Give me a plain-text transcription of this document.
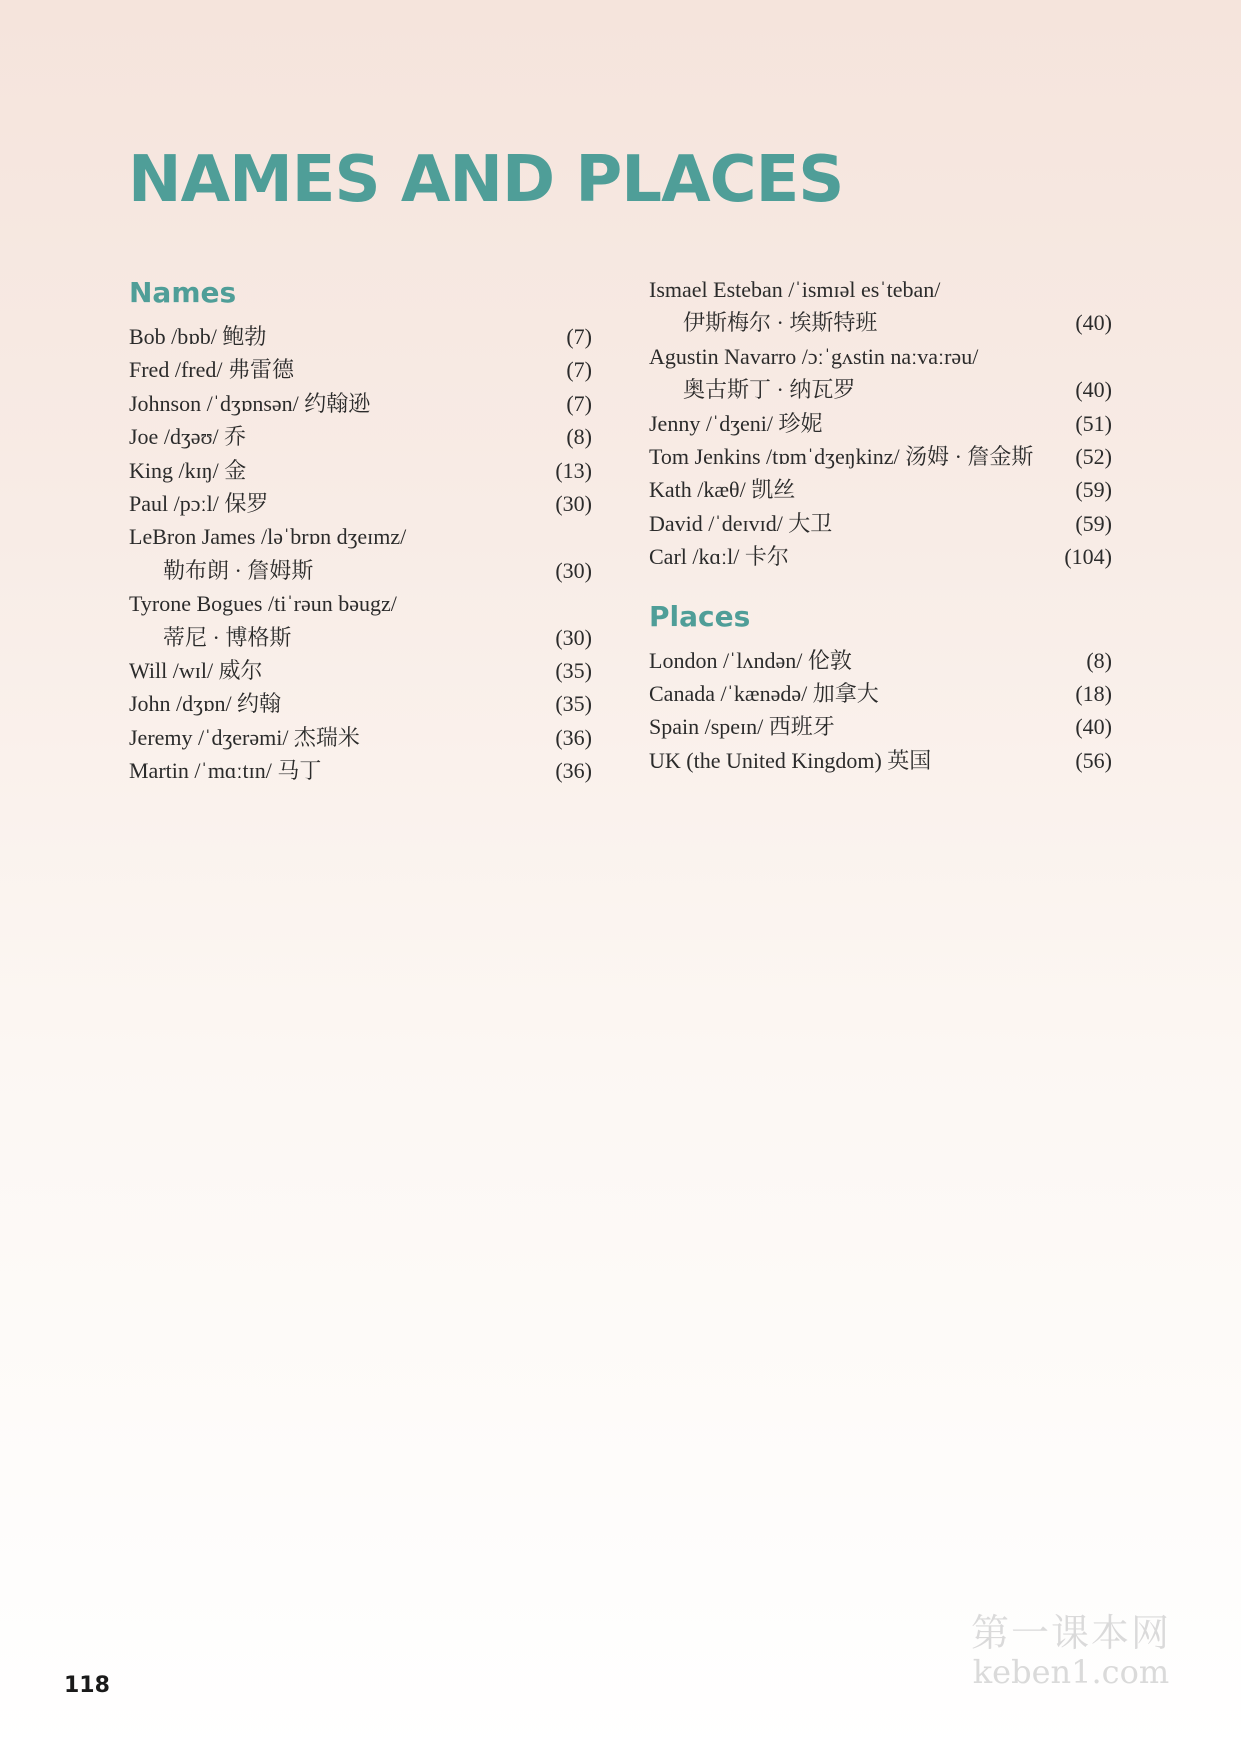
NAMES AND PLACES
Names
Bob /bɒb/ 鲍勃	(7)
Fred /fred/ 弗雷德	(7)
Johnson /ˈdʒɒnsən/ 约翰逊	(7)
Joe /dʒəʊ/ 乔	(8)
King /kɪŋ/ 金	(13)
Paul /pɔːl/ 保罗	(30)
LeBron James /ləˈbrɒn dʒeɪmz/
勒布朗 · 詹姆斯	(30)
Tyrone Bogues /tiˈrəun bəugz/
蒂尼 · 博格斯	(30)
Will /wɪl/ 威尔	(35)
John /dʒɒn/ 约翰	(35)
Jeremy /ˈdʒerəmi/ 杰瑞米	(36)
Martin /ˈmɑːtɪn/ 马丁	(36)
Ismael Esteban /ˈismɪəl esˈteban/
伊斯梅尔 · 埃斯特班	(40)
Agustin Navarro /ɔːˈgʌstin naːvaːrəu/
奥古斯丁 · 纳瓦罗	(40)
Jenny /ˈdʒeni/ 珍妮	(51)
Tom Jenkins /tɒmˈdʒeŋkinz/ 汤姆 · 詹金斯 (52)
Kath /kæθ/ 凯丝	(59)
David /ˈdeɪvɪd/ 大卫	(59)
Carl /kɑːl/ 卡尔	(104)
Places
London /ˈlʌndən/ 伦敦	(8)
Canada /ˈkænədə/ 加拿大	(18)
Spain /speɪn/ 西班牙	(40)
UK (the United Kingdom) 英国	(56)
118
第一课本网
keben1.com
